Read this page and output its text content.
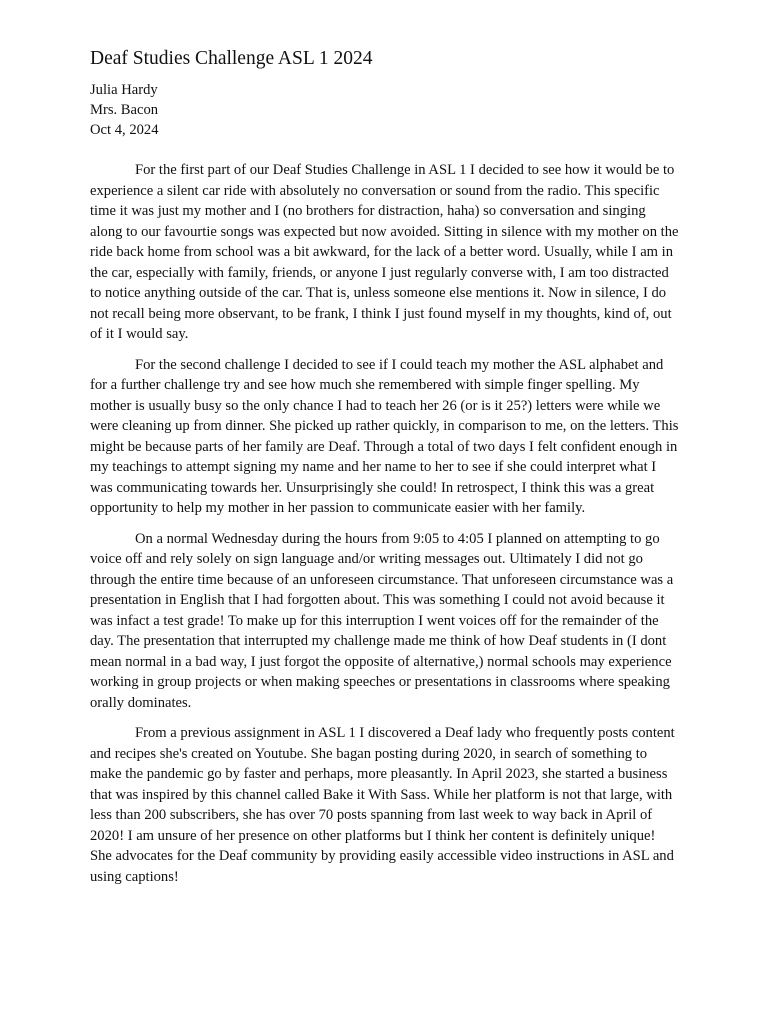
Deaf Studies Challenge ASL 1 2024
Julia Hardy
Mrs. Bacon
Oct 4, 2024

For the first part of our Deaf Studies Challenge in ASL 1 I decided to see how it would be to experience a silent car ride with absolutely no conversation or sound from the radio. This specific time it was just my mother and I (no brothers for distraction, haha) so conversation and singing along to our favourtie songs was expected but now avoided. Sitting in silence with my mother on the ride back home from school was a bit awkward, for the lack of a better word. Usually, while I am in the car, especially with family, friends, or anyone I just regularly converse with, I am too distracted to notice anything outside of the car. That is, unless someone else mentions it. Now in silence, I do not recall being more observant, to be frank, I think I just found myself in my thoughts, kind of, out of it I would say.

For the second challenge I decided to see if I could teach my mother the ASL alphabet and for a further challenge try and see how much she remembered with simple finger spelling. My mother is usually busy so the only chance I had to teach her 26 (or is it 25?) letters were while we were cleaning up from dinner. She picked up rather quickly, in comparison to me, on the letters. This might be because parts of her family are Deaf. Through a total of two days I felt confident enough in my teachings to attempt signing my name and her name to her to see if she could interpret what I was communicating towards her. Unsurprisingly she could! In retrospect, I think this was a great opportunity to help my mother in her passion to communicate easier with her family.

On a normal Wednesday during the hours from 9:05 to 4:05 I planned on attempting to go voice off and rely solely on sign language and/or writing messages out. Ultimately I did not go through the entire time because of an unforeseen circumstance. That unforeseen circumstance was a presentation in English that I had forgotten about. This was something I could not avoid because it was infact a test grade! To make up for this interruption I went voices off for the remainder of the day. The presentation that interrupted my challenge made me think of how Deaf students in (I dont mean normal in a bad way, I just forgot the opposite of alternative,) normal schools may experience working in group projects or when making speeches or presentations in classrooms where speaking orally dominates.

From a previous assignment in ASL 1 I discovered a Deaf lady who frequently posts content and recipes she's created on Youtube. She bagan posting during 2020, in search of something to make the pandemic go by faster and perhaps, more pleasantly. In April 2023, she started a business that was inspired by this channel called Bake it With Sass. While her platform is not that large, with less than 200 subscribers, she has over 70 posts spanning from last week to way back in April of 2020! I am unsure of her presence on other platforms but I think her content is definitely unique! She advocates for the Deaf community by providing easily accessible video instructions in ASL and using captions!
